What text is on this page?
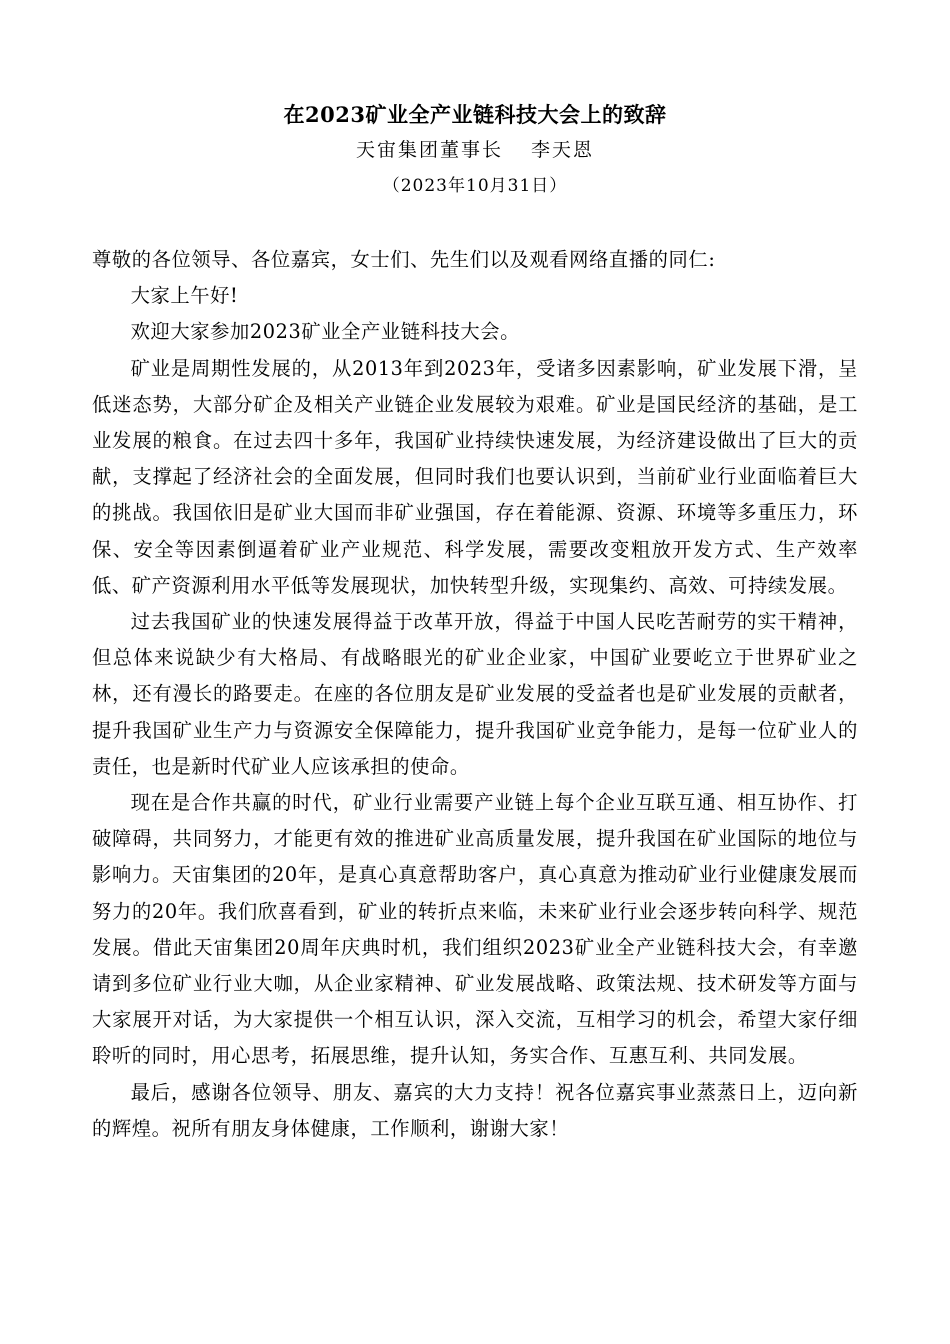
在2023矿业全产业链科技大会上的致辞
天宙集团董事长 李天恩
（2023年10月31日）

尊敬的各位领导、各位嘉宾，女士们、先生们以及观看网络直播的同仁:

大家上午好!

欢迎大家参加2023矿业全产业链科技大会。

矿业是周期性发展的，从2013年到2023年，受诸多因素影响，矿业发展下滑，呈低迷态势，大部分矿企及相关产业链企业发展较为艰难。矿业是国民经济的基础，是工业发展的粮食。在过去四十多年，我国矿业持续快速发展，为经济建设做出了巨大的贡献，支撑起了经济社会的全面发展，但同时我们也要认识到，当前矿业行业面临着巨大的挑战。我国依旧是矿业大国而非矿业强国，存在着能源、资源、环境等多重压力，环保、安全等因素倒逼着矿业产业规范、科学发展，需要改变粗放开发方式、生产效率低、矿产资源利用水平低等发展现状，加快转型升级，实现集约、高效、可持续发展。

过去我国矿业的快速发展得益于改革开放，得益于中国人民吃苦耐劳的实干精神，但总体来说缺少有大格局、有战略眼光的矿业企业家，中国矿业要屹立于世界矿业之林，还有漫长的路要走。在座的各位朋友是矿业发展的受益者也是矿业发展的贡献者，提升我国矿业生产力与资源安全保障能力，提升我国矿业竞争能力，是每一位矿业人的责任，也是新时代矿业人应该承担的使命。

现在是合作共赢的时代，矿业行业需要产业链上每个企业互联互通、相互协作、打破障碍，共同努力，才能更有效的推进矿业高质量发展，提升我国在矿业国际的地位与影响力。天宙集团的20年，是真心真意帮助客户，真心真意为推动矿业行业健康发展而努力的20年。我们欣喜看到，矿业的转折点来临，未来矿业行业会逐步转向科学、规范发展。借此天宙集团20周年庆典时机，我们组织2023矿业全产业链科技大会，有幸邀请到多位矿业行业大咖，从企业家精神、矿业发展战略、政策法规、技术研发等方面与大家展开对话，为大家提供一个相互认识，深入交流，互相学习的机会，希望大家仔细聆听的同时，用心思考，拓展思维，提升认知，务实合作、互惠互利、共同发展。

最后，感谢各位领导、朋友、嘉宾的大力支持！祝各位嘉宾事业蒸蒸日上，迈向新的辉煌。祝所有朋友身体健康，工作顺利，谢谢大家！
